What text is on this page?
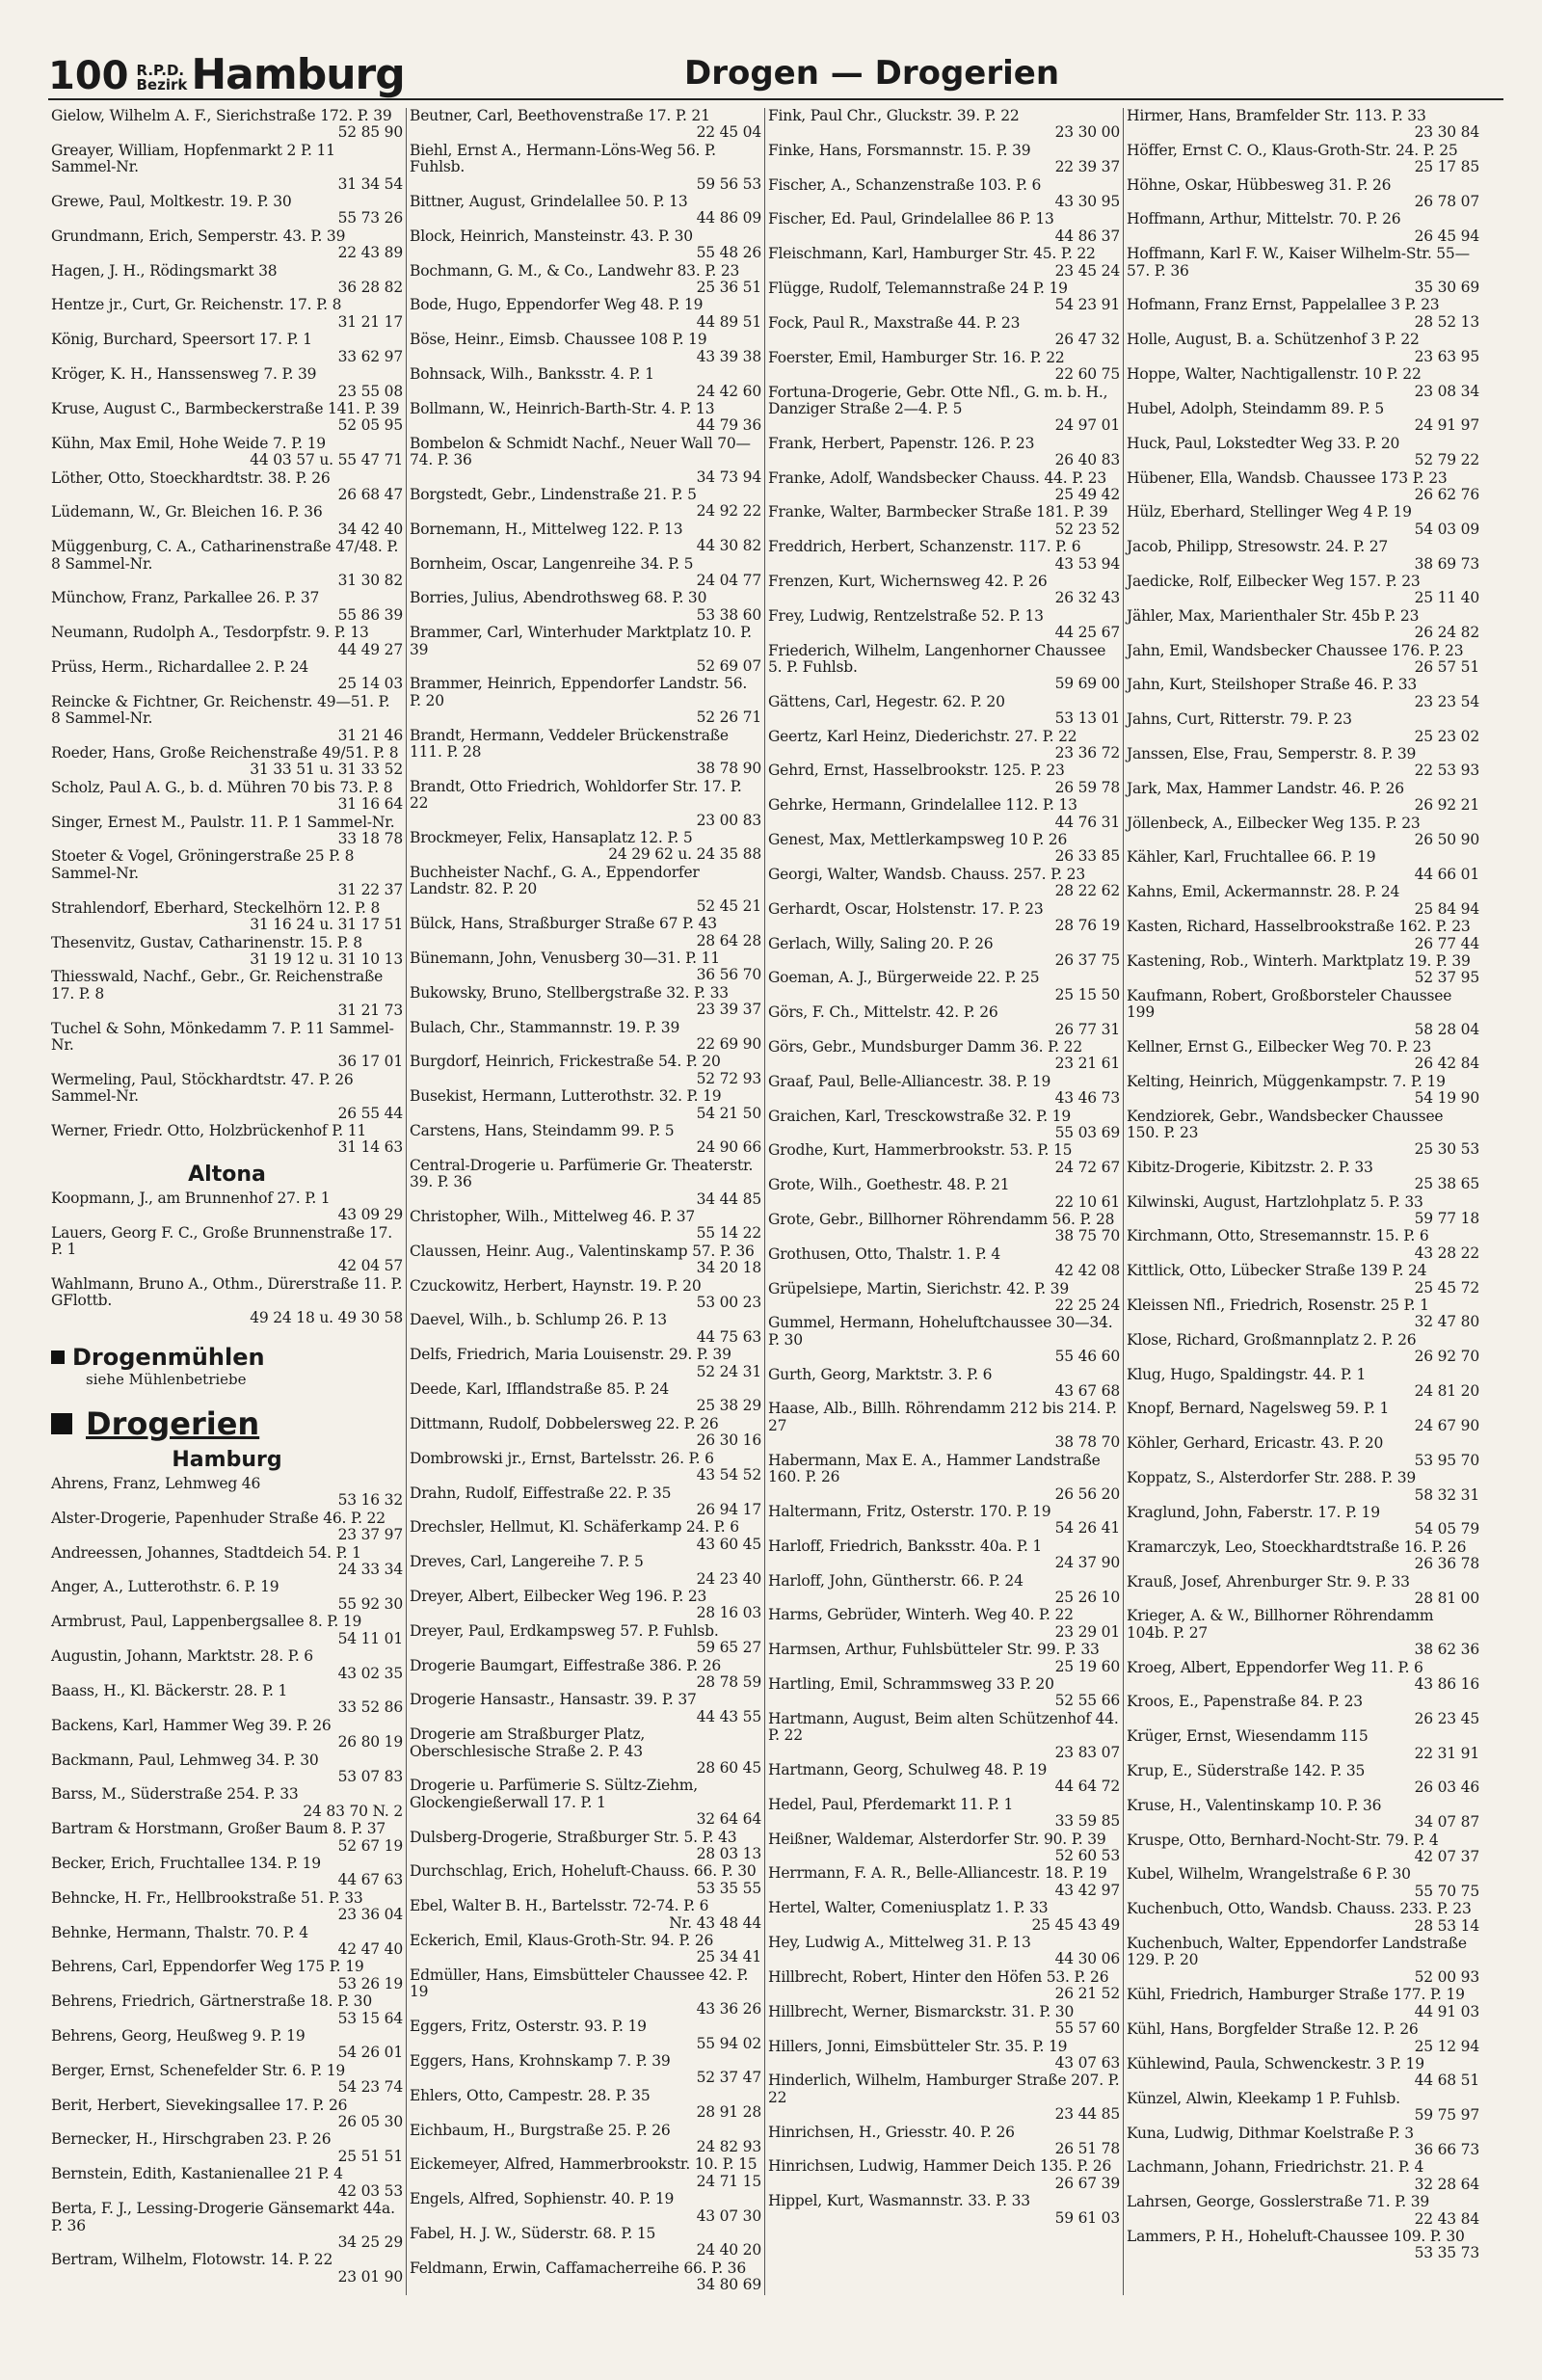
100 R.P.D.
Bezirk Hamburg	Drogen — Drogerien
Gielow, Wilhelm A. F., Sierichstraße 172. P. 39
52 85 90
Greayer, William, Hopfenmarkt 2 P. 11 Sammel-Nr.
31 34 54
Grewe, Paul, Moltkestr. 19. P. 30
55 73 26
Grundmann, Erich, Semperstr. 43. P. 39
22 43 89
Hagen, J. H., Rödingsmarkt 38
36 28 82
Hentze jr., Curt, Gr. Reichenstr. 17. P. 8
31 21 17
König, Burchard, Speersort 17. P. 1
33 62 97
Kröger, K. H., Hanssensweg 7. P. 39
23 55 08
Kruse, August C., Barmbeckerstraße 141. P. 39
52 05 95
Kühn, Max Emil, Hohe Weide 7. P. 19
44 03 57 u. 55 47 71
Löther, Otto, Stoeckhardtstr. 38. P. 26
26 68 47
Lüdemann, W., Gr. Bleichen 16. P. 36
34 42 40
Müggenburg, C. A., Catharinenstraße 47/48. P. 8 Sammel-Nr.
31 30 82
Münchow, Franz, Parkallee 26. P. 37
55 86 39
Neumann, Rudolph A., Tesdorpfstr. 9. P. 13
44 49 27
Prüss, Herm., Richardallee 2. P. 24
25 14 03
Reincke & Fichtner, Gr. Reichenstr. 49—51. P. 8 Sammel-Nr.
31 21 46
Roeder, Hans, Große Reichenstraße 49/51. P. 8
31 33 51 u. 31 33 52
Scholz, Paul A. G., b. d. Mühren 70 bis 73. P. 8
31 16 64
Singer, Ernest M., Paulstr. 11. P. 1 Sammel-Nr.
33 18 78
Stoeter & Vogel, Gröningerstraße 25 P. 8 Sammel-Nr.
31 22 37
Strahlendorf, Eberhard, Steckelhörn 12. P. 8
31 16 24 u. 31 17 51
Thesenvitz, Gustav, Catharinenstr. 15. P. 8
31 19 12 u. 31 10 13
Thiesswald, Nachf., Gebr., Gr. Reichenstraße 17. P. 8
31 21 73
Tuchel & Sohn, Mönkedamm 7. P. 11 Sammel-Nr.
36 17 01
Wermeling, Paul, Stöckhardtstr. 47. P. 26 Sammel-Nr.
26 55 44
Werner, Friedr. Otto, Holzbrückenhof P. 11
31 14 63
Altona
Koopmann, J., am Brunnenhof 27. P. 1
43 09 29
Lauers, Georg F. C., Große Brunnenstraße 17. P. 1
42 04 57
Wahlmann, Bruno A., Othm., Dürerstraße 11. P. GFlottb.
49 24 18 u. 49 30 58
Drogenmühlen
siehe Mühlenbetriebe
Drogerien
Hamburg
Ahrens, Franz, Lehmweg 46
53 16 32
Alster-Drogerie, Papenhuder Straße 46. P. 22
23 37 97
Andreessen, Johannes, Stadtdeich 54. P. 1
24 33 34
Anger, A., Lutterothstr. 6. P. 19
55 92 30
Armbrust, Paul, Lappenbergsallee 8. P. 19
54 11 01
Augustin, Johann, Marktstr. 28. P. 6
43 02 35
Baass, H., Kl. Bäckerstr. 28. P. 1
33 52 86
Backens, Karl, Hammer Weg 39. P. 26
26 80 19
Backmann, Paul, Lehmweg 34. P. 30
53 07 83
Barss, M., Süderstraße 254. P. 33
24 83 70 N. 2
Bartram & Horstmann, Großer Baum 8. P. 37
52 67 19
Becker, Erich, Fruchtallee 134. P. 19
44 67 63
Behncke, H. Fr., Hellbrookstraße 51. P. 33
23 36 04
Behnke, Hermann, Thalstr. 70. P. 4
42 47 40
Behrens, Carl, Eppendorfer Weg 175 P. 19
53 26 19
Behrens, Friedrich, Gärtnerstraße 18. P. 30
53 15 64
Behrens, Georg, Heußweg 9. P. 19
54 26 01
Berger, Ernst, Schenefelder Str. 6. P. 19
54 23 74
Berit, Herbert, Sievekingsallee 17. P. 26
26 05 30
Bernecker, H., Hirschgraben 23. P. 26
25 51 51
Bernstein, Edith, Kastanienallee 21 P. 4
42 03 53
Berta, F. J., Lessing-Drogerie Gänsemarkt 44a. P. 36
34 25 29
Bertram, Wilhelm, Flotowstr. 14. P. 22
23 01 90
Beutner, Carl, Beethovenstraße 17. P. 21
22 45 04
Biehl, Ernst A., Hermann-Löns-Weg 56. P. Fuhlsb.
59 56 53
Bittner, August, Grindelallee 50. P. 13
44 86 09
Block, Heinrich, Mansteinstr. 43. P. 30
55 48 26
Bochmann, G. M., & Co., Landwehr 83. P. 23
25 36 51
Bode, Hugo, Eppendorfer Weg 48. P. 19
44 89 51
Böse, Heinr., Eimsb. Chaussee 108 P. 19
43 39 38
Bohnsack, Wilh., Banksstr. 4. P. 1
24 42 60
Bollmann, W., Heinrich-Barth-Str. 4. P. 13
44 79 36
Bombelon & Schmidt Nachf., Neuer Wall 70—74. P. 36
34 73 94
Borgstedt, Gebr., Lindenstraße 21. P. 5
24 92 22
Bornemann, H., Mittelweg 122. P. 13
44 30 82
Bornheim, Oscar, Langenreihe 34. P. 5
24 04 77
Borries, Julius, Abendrothsweg 68. P. 30
53 38 60
Brammer, Carl, Winterhuder Marktplatz 10. P. 39
52 69 07
Brammer, Heinrich, Eppendorfer Landstr. 56. P. 20
52 26 71
Brandt, Hermann, Veddeler Brückenstraße 111. P. 28
38 78 90
Brandt, Otto Friedrich, Wohldorfer Str. 17. P. 22
23 00 83
Brockmeyer, Felix, Hansaplatz 12. P. 5
24 29 62 u. 24 35 88
Buchheister Nachf., G. A., Eppendorfer Landstr. 82. P. 20
52 45 21
Bülck, Hans, Straßburger Straße 67 P. 43
28 64 28
Bünemann, John, Venusberg 30—31. P. 11
36 56 70
Bukowsky, Bruno, Stellbergstraße 32. P. 33
23 39 37
Bulach, Chr., Stammannstr. 19. P. 39
22 69 90
Burgdorf, Heinrich, Frickestraße 54. P. 20
52 72 93
Busekist, Hermann, Lutterothstr. 32. P. 19
54 21 50
Carstens, Hans, Steindamm 99. P. 5
24 90 66
Central-Drogerie u. Parfümerie Gr. Theaterstr. 39. P. 36
34 44 85
Christopher, Wilh., Mittelweg 46. P. 37
55 14 22
Claussen, Heinr. Aug., Valentinskamp 57. P. 36
34 20 18
Czuckowitz, Herbert, Haynstr. 19. P. 20
53 00 23
Daevel, Wilh., b. Schlump 26. P. 13
44 75 63
Delfs, Friedrich, Maria Louisenstr. 29. P. 39
52 24 31
Deede, Karl, Ifflandstraße 85. P. 24
25 38 29
Dittmann, Rudolf, Dobbelersweg 22. P. 26
26 30 16
Dombrowski jr., Ernst, Bartelsstr. 26. P. 6
43 54 52
Drahn, Rudolf, Eiffestraße 22. P. 35
26 94 17
Drechsler, Hellmut, Kl. Schäferkamp 24. P. 6
43 60 45
Dreves, Carl, Langereihe 7. P. 5
24 23 40
Dreyer, Albert, Eilbecker Weg 196. P. 23
28 16 03
Dreyer, Paul, Erdkampsweg 57. P. Fuhlsb.
59 65 27
Drogerie Baumgart, Eiffestraße 386. P. 26
28 78 59
Drogerie Hansastr., Hansastr. 39. P. 37
44 43 55
Drogerie am Straßburger Platz, Oberschlesische Straße 2. P. 43
28 60 45
Drogerie u. Parfümerie S. Sültz-Ziehm, Glockengießerwall 17. P. 1
32 64 64
Dulsberg-Drogerie, Straßburger Str. 5. P. 43
28 03 13
Durchschlag, Erich, Hoheluft-Chauss. 66. P. 30
53 35 55
Ebel, Walter B. H., Bartelsstr. 72-74. P. 6
Nr. 43 48 44
Eckerich, Emil, Klaus-Groth-Str. 94. P. 26
25 34 41
Edmüller, Hans, Eimsbütteler Chaussee 42. P. 19
43 36 26
Eggers, Fritz, Osterstr. 93. P. 19
55 94 02
Eggers, Hans, Krohnskamp 7. P. 39
52 37 47
Ehlers, Otto, Campestr. 28. P. 35
28 91 28
Eichbaum, H., Burgstraße 25. P. 26
24 82 93
Eickemeyer, Alfred, Hammerbrookstr. 10. P. 15
24 71 15
Engels, Alfred, Sophienstr. 40. P. 19
43 07 30
Fabel, H. J. W., Süderstr. 68. P. 15
24 40 20
Feldmann, Erwin, Caffamacherreihe 66. P. 36
34 80 69
Fink, Paul Chr., Gluckstr. 39. P. 22
23 30 00
Finke, Hans, Forsmannstr. 15. P. 39
22 39 37
Fischer, A., Schanzenstraße 103. P. 6
43 30 95
Fischer, Ed. Paul, Grindelallee 86 P. 13
44 86 37
Fleischmann, Karl, Hamburger Str. 45. P. 22
23 45 24
Flügge, Rudolf, Telemannstraße 24 P. 19
54 23 91
Fock, Paul R., Maxstraße 44. P. 23
26 47 32
Foerster, Emil, Hamburger Str. 16. P. 22
22 60 75
Fortuna-Drogerie, Gebr. Otte Nfl., G. m. b. H., Danziger Straße 2—4. P. 5
24 97 01
Frank, Herbert, Papenstr. 126. P. 23
26 40 83
Franke, Adolf, Wandsbecker Chauss. 44. P. 23
25 49 42
Franke, Walter, Barmbecker Straße 181. P. 39
52 23 52
Freddrich, Herbert, Schanzenstr. 117. P. 6
43 53 94
Frenzen, Kurt, Wichernsweg 42. P. 26
26 32 43
Frey, Ludwig, Rentzelstraße 52. P. 13
44 25 67
Friederich, Wilhelm, Langenhorner Chaussee 5. P. Fuhlsb.
59 69 00
Gättens, Carl, Hegestr. 62. P. 20
53 13 01
Geertz, Karl Heinz, Diederichstr. 27. P. 22
23 36 72
Gehrd, Ernst, Hasselbrookstr. 125. P. 23
26 59 78
Gehrke, Hermann, Grindelallee 112. P. 13
44 76 31
Genest, Max, Mettlerkampsweg 10 P. 26
26 33 85
Georgi, Walter, Wandsb. Chauss. 257. P. 23
28 22 62
Gerhardt, Oscar, Holstenstr. 17. P. 23
28 76 19
Gerlach, Willy, Saling 20. P. 26
26 37 75
Goeman, A. J., Bürgerweide 22. P. 25
25 15 50
Görs, F. Ch., Mittelstr. 42. P. 26
26 77 31
Görs, Gebr., Mundsburger Damm 36. P. 22
23 21 61
Graaf, Paul, Belle-Alliancestr. 38. P. 19
43 46 73
Graichen, Karl, Tresckowstraße 32. P. 19
55 03 69
Grodhe, Kurt, Hammerbrookstr. 53. P. 15
24 72 67
Grote, Wilh., Goethestr. 48. P. 21
22 10 61
Grote, Gebr., Billhorner Röhrendamm 56. P. 28
38 75 70
Grothusen, Otto, Thalstr. 1. P. 4
42 42 08
Grüpelsiepe, Martin, Sierichstr. 42. P. 39
22 25 24
Gummel, Hermann, Hoheluftchaussee 30—34. P. 30
55 46 60
Gurth, Georg, Marktstr. 3. P. 6
43 67 68
Haase, Alb., Billh. Röhrendamm 212 bis 214. P. 27
38 78 70
Habermann, Max E. A., Hammer Landstraße 160. P. 26
26 56 20
Haltermann, Fritz, Osterstr. 170. P. 19
54 26 41
Harloff, Friedrich, Banksstr. 40a. P. 1
24 37 90
Harloff, John, Güntherstr. 66. P. 24
25 26 10
Harms, Gebrüder, Winterh. Weg 40. P. 22
23 29 01
Harmsen, Arthur, Fuhlsbütteler Str. 99. P. 33
25 19 60
Hartling, Emil, Schrammsweg 33 P. 20
52 55 66
Hartmann, August, Beim alten Schützenhof 44. P. 22
23 83 07
Hartmann, Georg, Schulweg 48. P. 19
44 64 72
Hedel, Paul, Pferdemarkt 11. P. 1
33 59 85
Heißner, Waldemar, Alsterdorfer Str. 90. P. 39
52 60 53
Herrmann, F. A. R., Belle-Alliancestr. 18. P. 19
43 42 97
Hertel, Walter, Comeniusplatz 1. P. 33
25 45 43 49
Hey, Ludwig A., Mittelweg 31. P. 13
44 30 06
Hillbrecht, Robert, Hinter den Höfen 53. P. 26
26 21 52
Hillbrecht, Werner, Bismarckstr. 31. P. 30
55 57 60
Hillers, Jonni, Eimsbütteler Str. 35. P. 19
43 07 63
Hinderlich, Wilhelm, Hamburger Straße 207. P. 22
23 44 85
Hinrichsen, H., Griesstr. 40. P. 26
26 51 78
Hinrichsen, Ludwig, Hammer Deich 135. P. 26
26 67 39
Hippel, Kurt, Wasmannstr. 33. P. 33
59 61 03
Hirmer, Hans, Bramfelder Str. 113. P. 33
23 30 84
Höffer, Ernst C. O., Klaus-Groth-Str. 24. P. 25
25 17 85
Höhne, Oskar, Hübbesweg 31. P. 26
26 78 07
Hoffmann, Arthur, Mittelstr. 70. P. 26
26 45 94
Hoffmann, Karl F. W., Kaiser Wilhelm-Str. 55—57. P. 36
35 30 69
Hofmann, Franz Ernst, Pappelallee 3 P. 23
28 52 13
Holle, August, B. a. Schützenhof 3 P. 22
23 63 95
Hoppe, Walter, Nachtigallenstr. 10 P. 22
23 08 34
Hubel, Adolph, Steindamm 89. P. 5
24 91 97
Huck, Paul, Lokstedter Weg 33. P. 20
52 79 22
Hübener, Ella, Wandsb. Chaussee 173 P. 23
26 62 76
Hülz, Eberhard, Stellinger Weg 4 P. 19
54 03 09
Jacob, Philipp, Stresowstr. 24. P. 27
38 69 73
Jaedicke, Rolf, Eilbecker Weg 157. P. 23
25 11 40
Jähler, Max, Marienthaler Str. 45b P. 23
26 24 82
Jahn, Emil, Wandsbecker Chaussee 176. P. 23
26 57 51
Jahn, Kurt, Steilshoper Straße 46. P. 33
23 23 54
Jahns, Curt, Ritterstr. 79. P. 23
25 23 02
Janssen, Else, Frau, Semperstr. 8. P. 39
22 53 93
Jark, Max, Hammer Landstr. 46. P. 26
26 92 21
Jöllenbeck, A., Eilbecker Weg 135. P. 23
26 50 90
Kähler, Karl, Fruchtallee 66. P. 19
44 66 01
Kahns, Emil, Ackermannstr. 28. P. 24
25 84 94
Kasten, Richard, Hasselbrookstraße 162. P. 23
26 77 44
Kastening, Rob., Winterh. Marktplatz 19. P. 39
52 37 95
Kaufmann, Robert, Großborsteler Chaussee 199
58 28 04
Kellner, Ernst G., Eilbecker Weg 70. P. 23
26 42 84
Kelting, Heinrich, Müggenkampstr. 7. P. 19
54 19 90
Kendziorek, Gebr., Wandsbecker Chaussee 150. P. 23
25 30 53
Kibitz-Drogerie, Kibitzstr. 2. P. 33
25 38 65
Kilwinski, August, Hartzlohplatz 5. P. 33
59 77 18
Kirchmann, Otto, Stresemannstr. 15. P. 6
43 28 22
Kittlick, Otto, Lübecker Straße 139 P. 24
25 45 72
Kleissen Nfl., Friedrich, Rosenstr. 25 P. 1
32 47 80
Klose, Richard, Großmannplatz 2. P. 26
26 92 70
Klug, Hugo, Spaldingstr. 44. P. 1
24 81 20
Knopf, Bernard, Nagelsweg 59. P. 1
24 67 90
Köhler, Gerhard, Ericastr. 43. P. 20
53 95 70
Koppatz, S., Alsterdorfer Str. 288. P. 39
58 32 31
Kraglund, John, Faberstr. 17. P. 19
54 05 79
Kramarczyk, Leo, Stoeckhardtstraße 16. P. 26
26 36 78
Krauß, Josef, Ahrenburger Str. 9. P. 33
28 81 00
Krieger, A. & W., Billhorner Röhrendamm 104b. P. 27
38 62 36
Kroeg, Albert, Eppendorfer Weg 11. P. 6
43 86 16
Kroos, E., Papenstraße 84. P. 23
26 23 45
Krüger, Ernst, Wiesendamm 115
22 31 91
Krup, E., Süderstraße 142. P. 35
26 03 46
Kruse, H., Valentinskamp 10. P. 36
34 07 87
Kruspe, Otto, Bernhard-Nocht-Str. 79. P. 4
42 07 37
Kubel, Wilhelm, Wrangelstraße 6 P. 30
55 70 75
Kuchenbuch, Otto, Wandsb. Chauss. 233. P. 23
28 53 14
Kuchenbuch, Walter, Eppendorfer Landstraße 129. P. 20
52 00 93
Kühl, Friedrich, Hamburger Straße 177. P. 19
44 91 03
Kühl, Hans, Borgfelder Straße 12. P. 26
25 12 94
Kühlewind, Paula, Schwenckestr. 3 P. 19
44 68 51
Künzel, Alwin, Kleekamp 1 P. Fuhlsb.
59 75 97
Kuna, Ludwig, Dithmar Koelstraße P. 3
36 66 73
Lachmann, Johann, Friedrichstr. 21. P. 4
32 28 64
Lahrsen, George, Gosslerstraße 71. P. 39
22 43 84
Lammers, P. H., Hoheluft-Chaussee 109. P. 30
53 35 73
